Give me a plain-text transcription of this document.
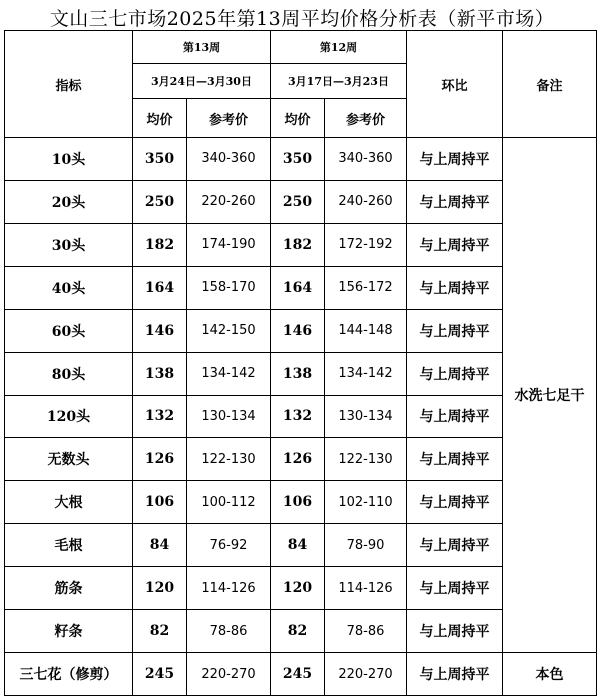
文山三七市场2025年第13周平均价格分析表（新平市场）
指标	第13周		第12周		环比	备注
	3月24日—3月30日		3月17日—3月23日			
	均价	参考价	均价	参考价		
10头	350	340-360	350	340-360	与上周持平	水洗七足干
20头	250	220-260	250	240-260	与上周持平	
30头	182	174-190	182	172-192	与上周持平	
40头	164	158-170	164	156-172	与上周持平	
60头	146	142-150	146	144-148	与上周持平	
80头	138	134-142	138	134-142	与上周持平	
120头	132	130-134	132	130-134	与上周持平	
无数头	126	122-130	126	122-130	与上周持平	
大根	106	100-112	106	102-110	与上周持平	
毛根	84	76-92	84	78-90	与上周持平	
筋条	120	114-126	120	114-126	与上周持平	
籽条	82	78-86	82	78-86	与上周持平	
三七花（修剪）	245	220-270	245	220-270	与上周持平	本色
